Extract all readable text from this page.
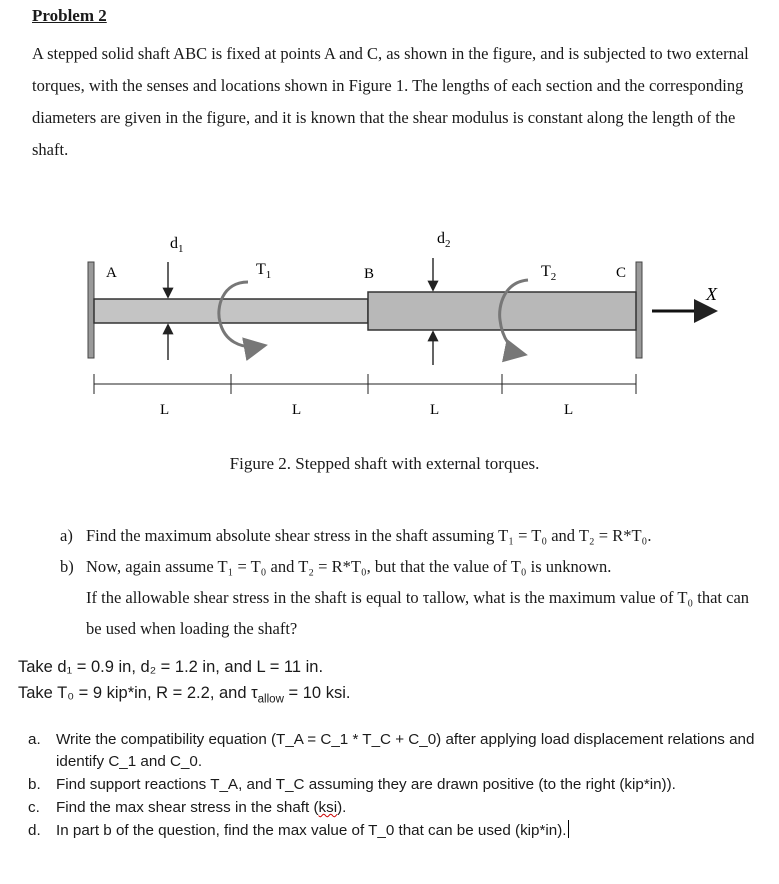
Problem 2

A stepped solid shaft ABC is fixed at points A and C, as shown in the figure, and is subjected to two external torques, with the senses and locations shown in Figure 1. The lengths of each section and the corresponding diameters are given in the figure, and it is known that the shear modulus is constant along the length of the shaft.

A	B	C
$d_1$
$d_2$
$T_1$	$T_2$
X
L	L	L	L
Figure 2. Stepped shaft with external torques.
a) Find the maximum absolute shear stress in the shaft assuming T₁ = T₀ and T₂ = R*T₀.
b) Now, again assume T₁ = T₀ and T₂ = R*T₀, but that the value of T₀ is unknown.
If the allowable shear stress in the shaft is equal to τallow, what is the maximum value of T₀ that can be used when loading the shaft?
Take d₁ = 0.9 in, d₂ = 1.2 in, and L = 11 in.
Take T₀ = 9 kip*in, R = 2.2, and $\tau_{allow} = 10$ ksi.
a. Write the compatibility equation (T_A = C_1 * T_C + C_0) after applying load displacement relations and identify C_1 and C_0.
b. Find support reactions T_A, and T_C assuming they are drawn positive (to the right (kip*in)).
c. Find the max shear stress in the shaft (ksi).
d. In part b of the question, find the max value of T_0 that can be used (kip*in).
